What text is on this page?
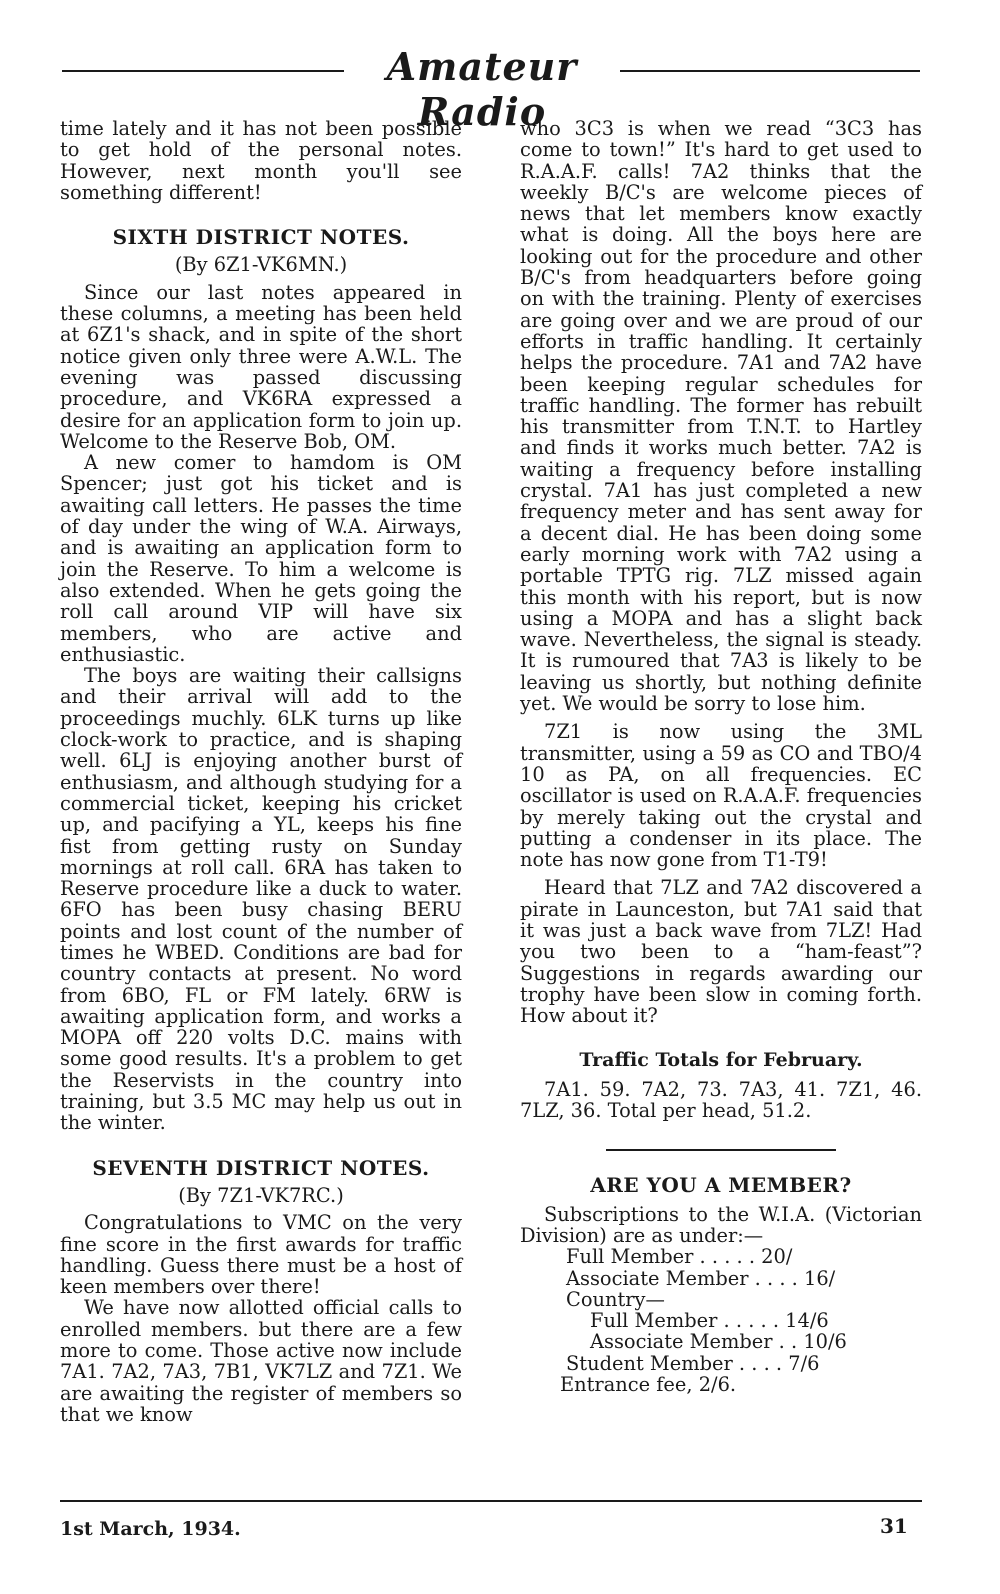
Amateur Radio

time lately and it has not been possible to get hold of the personal notes. However, next month you'll see something different!

SIXTH DISTRICT NOTES.

(By 6Z1-VK6MN.)

Since our last notes appeared in these columns, a meeting has been held at 6Z1's shack, and in spite of the short notice given only three were A.W.L. The evening was passed discussing procedure, and VK6RA expressed a desire for an application form to join up. Welcome to the Reserve Bob, OM.

A new comer to hamdom is OM Spencer; just got his ticket and is awaiting call letters. He passes the time of day under the wing of W.A. Airways, and is awaiting an application form to join the Reserve. To him a welcome is also extended. When he gets going the roll call around VIP will have six members, who are active and enthusiastic.

The boys are waiting their callsigns and their arrival will add to the proceedings muchly. 6LK turns up like clock-work to practice, and is shaping well. 6LJ is enjoying another burst of enthusiasm, and although studying for a commercial ticket, keeping his cricket up, and pacifying a YL, keeps his fine fist from getting rusty on Sunday mornings at roll call. 6RA has taken to Reserve procedure like a duck to water. 6FO has been busy chasing BERU points and lost count of the number of times he WBED. Conditions are bad for country contacts at present. No word from 6BO, FL or FM lately. 6RW is awaiting application form, and works a MOPA off 220 volts D.C. mains with some good results. It's a problem to get the Reservists in the country into training, but 3.5 MC may help us out in the winter.

SEVENTH DISTRICT NOTES.

(By 7Z1-VK7RC.)

Congratulations to VMC on the very fine score in the first awards for traffic handling. Guess there must be a host of keen members over there!

We have now allotted official calls to enrolled members. but there are a few more to come. Those active now include 7A1. 7A2, 7A3, 7B1, VK7LZ and 7Z1. We are awaiting the register of members so that we know

who 3C3 is when we read “3C3 has come to town!” It's hard to get used to R.A.A.F. calls! 7A2 thinks that the weekly B/C's are welcome pieces of news that let members know exactly what is doing. All the boys here are looking out for the procedure and other B/C's from headquarters before going on with the training. Plenty of exercises are going over and we are proud of our efforts in traffic handling. It certainly helps the procedure. 7A1 and 7A2 have been keeping regular schedules for traffic handling. The former has rebuilt his transmitter from T.N.T. to Hartley and finds it works much better. 7A2 is waiting a frequency before installing crystal. 7A1 has just completed a new frequency meter and has sent away for a decent dial. He has been doing some early morning work with 7A2 using a portable TPTG rig. 7LZ missed again this month with his report, but is now using a MOPA and has a slight back wave. Nevertheless, the signal is steady. It is rumoured that 7A3 is likely to be leaving us shortly, but nothing definite yet. We would be sorry to lose him.

7Z1 is now using the 3ML transmitter, using a 59 as CO and TBO/4 10 as PA, on all frequencies. EC oscillator is used on R.A.A.F. frequencies by merely taking out the crystal and putting a condenser in its place. The note has now gone from T1-T9!

Heard that 7LZ and 7A2 discovered a pirate in Launceston, but 7A1 said that it was just a back wave from 7LZ! Had you two been to a “ham-feast”? Suggestions in regards awarding our trophy have been slow in coming forth. How about it?

Traffic Totals for February.

7A1. 59. 7A2, 73. 7A3, 41. 7Z1, 46. 7LZ, 36. Total per head, 51.2.

ARE YOU A MEMBER?

Subscriptions to the W.I.A. (Victorian Division) are as under:—

Full Member . . . . . 20/
Associate Member . . . . 16/
Country—
Full Member . . . . . 14/6
Associate Member . . 10/6
Student Member . . . . 7/6

Entrance fee, 2/6.

1st March, 1934.	31
